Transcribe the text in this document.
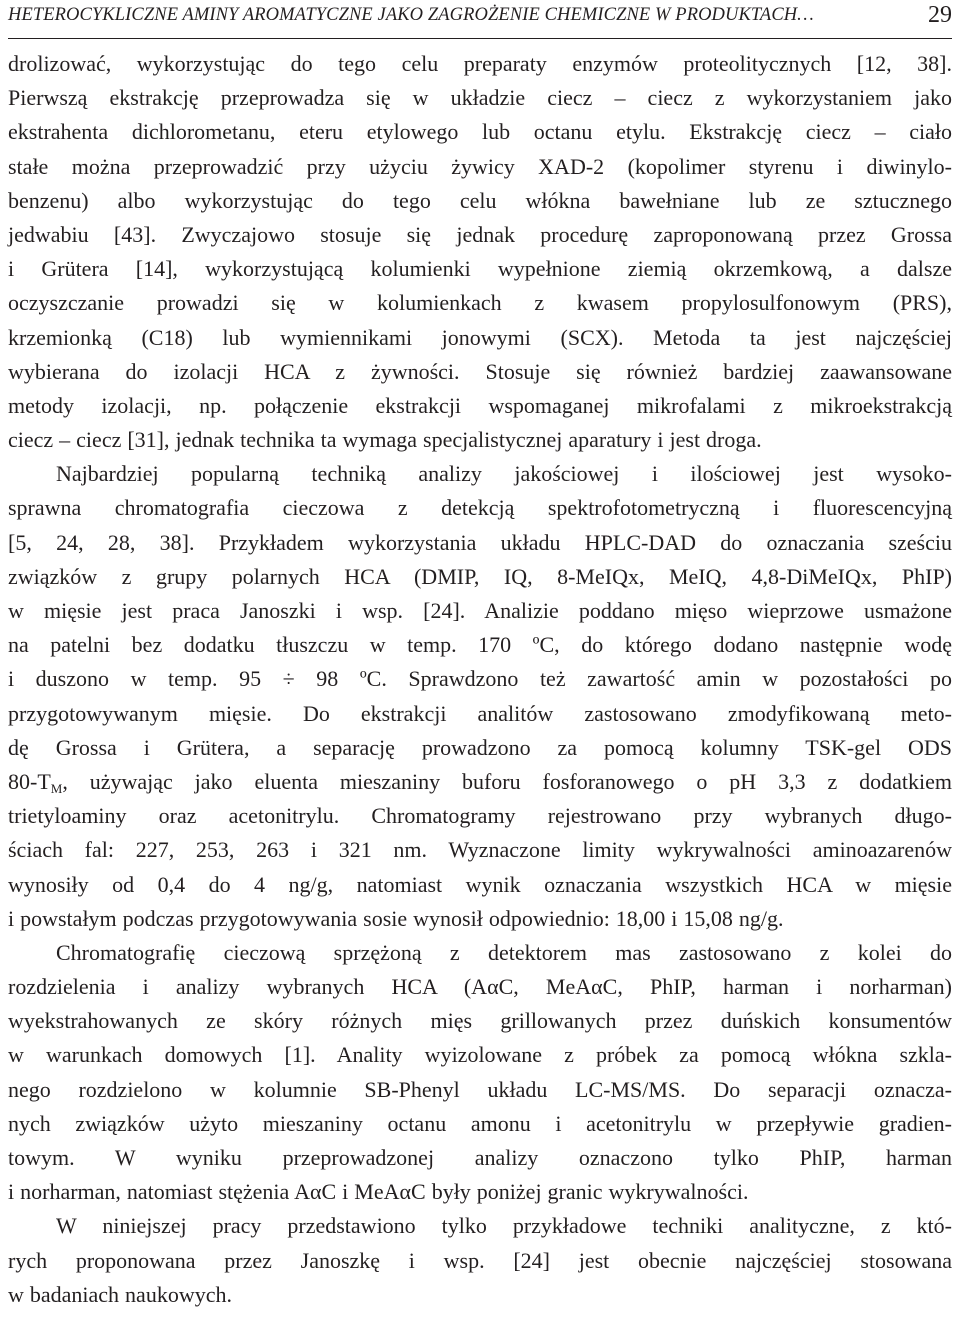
HETEROCYKLICZNE AMINY AROMATYCZNE JAKO ZAGROŻENIE CHEMICZNE W PRODUKTACH…	29
drolizować, wykorzystując do tego celu preparaty enzymów proteolitycznych [12, 38].
Pierwszą ekstrakcję przeprowadza się w układzie ciecz – ciecz z wykorzystaniem jako
ekstrahenta dichlorometanu, eteru etylowego lub octanu etylu. Ekstrakcję ciecz – ciało
stałe można przeprowadzić przy użyciu żywicy XAD-2 (kopolimer styrenu i diwinylo-
benzenu) albo wykorzystując do tego celu włókna bawełniane lub ze sztucznego
jedwabiu [43]. Zwyczajowo stosuje się jednak procedurę zaproponowaną przez Grossa
i Grütera [14], wykorzystującą kolumienki wypełnione ziemią okrzemkową, a dalsze
oczyszczanie prowadzi się w kolumienkach z kwasem propylosulfonowym (PRS),
krzemionką (C18) lub wymiennikami jonowymi (SCX). Metoda ta jest najczęściej
wybierana do izolacji HCA z żywności. Stosuje się również bardziej zaawansowane
metody izolacji, np. połączenie ekstrakcji wspomaganej mikrofalami z mikroekstrakcją
ciecz – ciecz [31], jednak technika ta wymaga specjalistycznej aparatury i jest droga.
Najbardziej popularną techniką analizy jakościowej i ilościowej jest wysoko-
sprawna chromatografia cieczowa z detekcją spektrofotometryczną i fluorescencyjną
[5, 24, 28, 38]. Przykładem wykorzystania układu HPLC-DAD do oznaczania sześciu
związków z grupy polarnych HCA (DMIP, IQ, 8-MeIQx, MeIQ, 4,8-DiMeIQx, PhIP)
w mięsie jest praca Janoszki i wsp. [24]. Analizie poddano mięso wieprzowe usmażone
na patelni bez dodatku tłuszczu w temp. 170 ºC, do którego dodano następnie wodę
i duszono w temp. 95 ÷ 98 ºC. Sprawdzono też zawartość amin w pozostałości po
przygotowywanym mięsie. Do ekstrakcji analitów zastosowano zmodyfikowaną meto-
dę Grossa i Grütera, a separację prowadzono za pomocą kolumny TSK-gel ODS
$80-T_M$, używając jako eluenta mieszaniny buforu fosforanowego o pH 3,3 z dodatkiem
trietyloaminy oraz acetonitrylu. Chromatogramy rejestrowano przy wybranych długo-
ściach fal: 227, 253, 263 i 321 nm. Wyznaczone limity wykrywalności aminoazarenów
wynosiły od 0,4 do 4 ng/g, natomiast wynik oznaczania wszystkich HCA w mięsie
i powstałym podczas przygotowywania sosie wynosił odpowiednio: 18,00 i 15,08 ng/g.
Chromatografię cieczową sprzężoną z detektorem mas zastosowano z kolei do
rozdzielenia i analizy wybranych HCA (AαC, MeAαC, PhIP, harman i norharman)
wyekstrahowanych ze skóry różnych mięs grillowanych przez duńskich konsumentów
w warunkach domowych [1]. Anality wyizolowane z próbek za pomocą włókna szkla-
nego rozdzielono w kolumnie SB-Phenyl układu LC-MS/MS. Do separacji oznacza-
nych związków użyto mieszaniny octanu amonu i acetonitrylu w przepływie gradien-
towym. W wyniku przeprowadzonej analizy oznaczono tylko PhIP, harman
i norharman, natomiast stężenia AαC i MeAαC były poniżej granic wykrywalności.
W niniejszej pracy przedstawiono tylko przykładowe techniki analityczne, z któ-
rych proponowana przez Janoszkę i wsp. [24] jest obecnie najczęściej stosowana
w badaniach naukowych.
